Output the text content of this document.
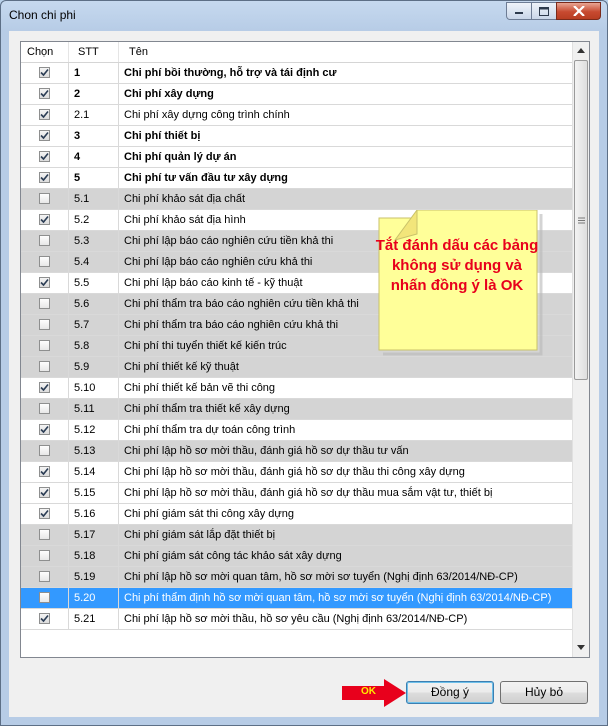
Chon chi phi
Chọn	STT	Tên
1	Chi phí bồi thường, hỗ trợ và tái định cư
2	Chi phí xây dựng
2.1	Chi phí xây dựng công trình chính
3	Chi phí thiết bị
4	Chi phí quản lý dự án
5	Chi phí tư vấn đầu tư xây dựng
5.1	Chi phí khảo sát địa chất
5.2	Chi phí khảo sát địa hình
5.3	Chi phí lập báo cáo nghiên cứu tiền khả thi
5.4	Chi phí lập báo cáo nghiên cứu khả thi
5.5	Chi phí lập báo cáo kinh tế - kỹ thuật
5.6	Chi phí thẩm tra báo cáo nghiên cứu tiền khả thi
5.7	Chi phí thẩm tra báo cáo nghiên cứu khả thi
5.8	Chi phí thi tuyển thiết kế kiến trúc
5.9	Chi phí thiết kế kỹ thuật
5.10	Chi phí thiết kế bản vẽ thi công
5.11	Chi phí thẩm tra thiết kế xây dựng
5.12	Chi phí thẩm tra dự toán công trình
5.13	Chi phí lập hồ sơ mời thầu, đánh giá hồ sơ dự thầu tư vấn
5.14	Chi phí lập hồ sơ mời thầu, đánh giá hồ sơ dự thầu thi công xây dựng
5.15	Chi phí lập hồ sơ mời thầu, đánh giá hồ sơ dự thầu mua sắm vật tư, thiết bị
5.16	Chi phí giám sát thi công xây dựng
5.17	Chi phí giám sát lắp đặt thiết bị
5.18	Chi phí giám sát công tác khảo sát xây dựng
5.19	Chi phí lập hồ sơ mời quan tâm, hồ sơ mời sơ tuyển (Nghị định 63/2014/NĐ-CP)
5.20	Chi phí thẩm định hồ sơ mời quan tâm, hồ sơ mời sơ tuyển (Nghị định 63/2014/NĐ-CP)
5.21	Chi phí lập hồ sơ mời thầu, hồ sơ yêu cầu (Nghị định 63/2014/NĐ-CP)
Tắt đánh dấu các bảng không sử dụng và nhấn đồng ý là OK
OK	Đồng ý	Hủy bỏ
